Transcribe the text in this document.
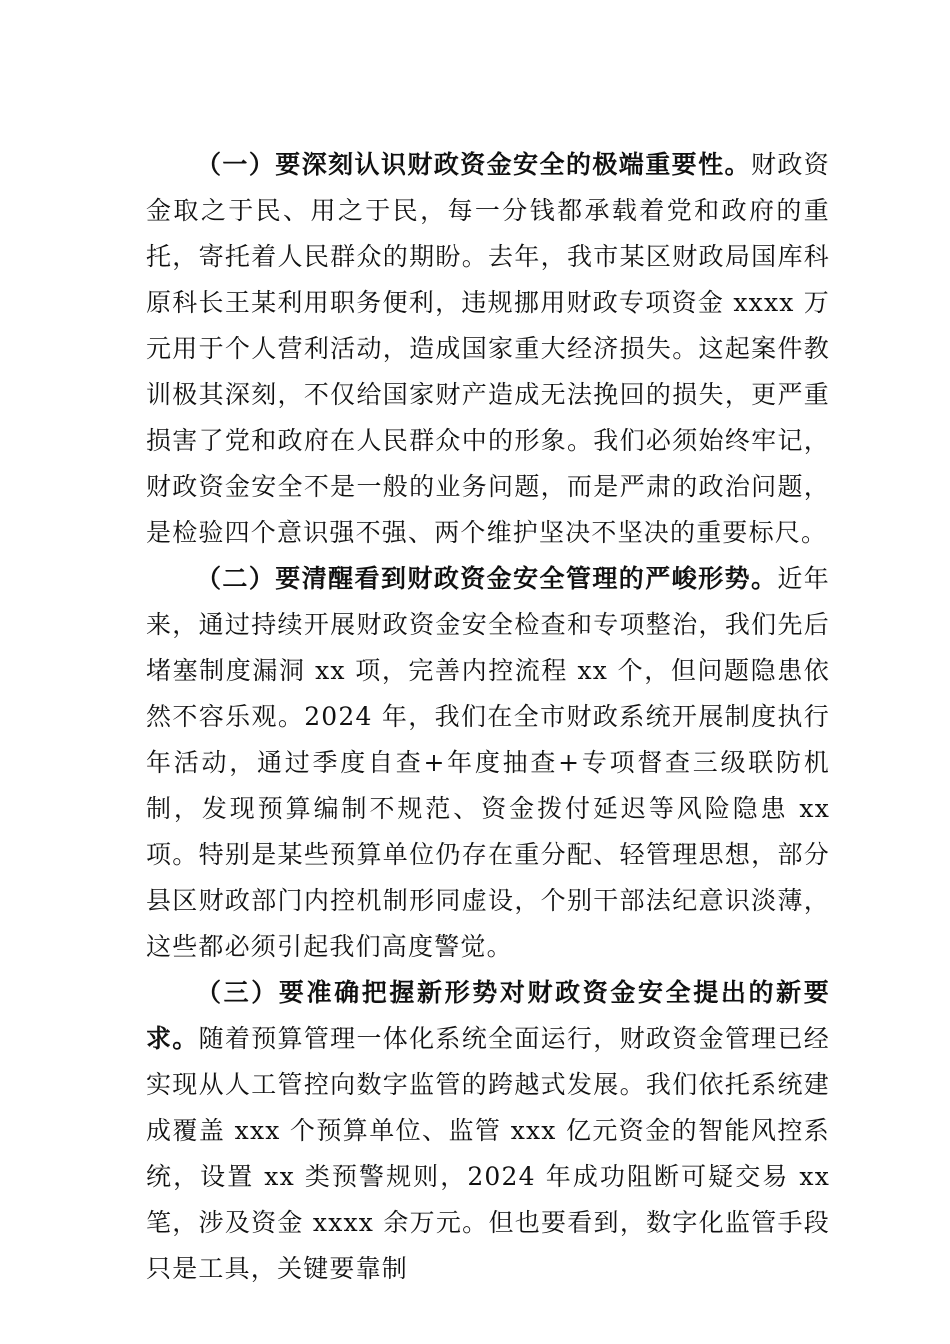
（一）要深刻认识财政资金安全的极端重要性。财政资金取之于民、用之于民，每一分钱都承载着党和政府的重托，寄托着人民群众的期盼。去年，我市某区财政局国库科原科长王某利用职务便利，违规挪用财政专项资金 xxxx 万元用于个人营利活动，造成国家重大经济损失。这起案件教训极其深刻，不仅给国家财产造成无法挽回的损失，更严重损害了党和政府在人民群众中的形象。我们必须始终牢记，财政资金安全不是一般的业务问题，而是严肃的政治问题，是检验四个意识强不强、两个维护坚决不坚决的重要标尺。

（二）要清醒看到财政资金安全管理的严峻形势。近年来，通过持续开展财政资金安全检查和专项整治，我们先后堵塞制度漏洞 xx 项，完善内控流程 xx 个，但问题隐患依然不容乐观。2024 年，我们在全市财政系统开展制度执行年活动，通过季度自查+年度抽查+专项督查三级联防机制，发现预算编制不规范、资金拨付延迟等风险隐患 xx 项。特别是某些预算单位仍存在重分配、轻管理思想，部分县区财政部门内控机制形同虚设，个别干部法纪意识淡薄，这些都必须引起我们高度警觉。

（三）要准确把握新形势对财政资金安全提出的新要求。随着预算管理一体化系统全面运行，财政资金管理已经实现从人工管控向数字监管的跨越式发展。我们依托系统建成覆盖 xxx 个预算单位、监管 xxx 亿元资金的智能风控系统，设置 xx 类预警规则，2024 年成功阻断可疑交易 xx 笔，涉及资金 xxxx 余万元。但也要看到，数字化监管手段只是工具，关键要靠制
